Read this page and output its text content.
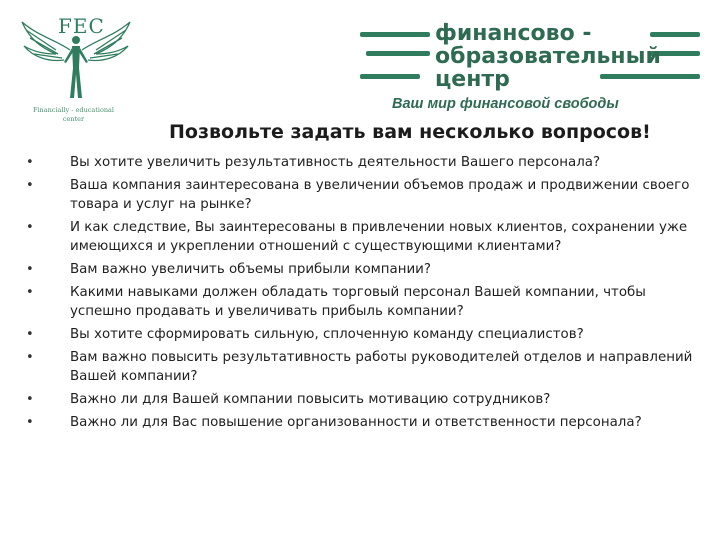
FEC
Financially - educational
center
финансово -
образовательный
центр
Ваш мир финансовой свободы
Позвольте задать вам несколько вопросов!
•	Вы хотите увеличить результативность деятельности Вашего персонала?
•	Ваша компания заинтересована в увеличении объемов продаж и продвижении своего товара и услуг на рынке?
•	И как следствие, Вы заинтересованы в привлечении новых клиентов, сохранении уже имеющихся и укреплении отношений с существующими клиентами?
•	Вам важно увеличить объемы прибыли компании?
•	Какими навыками должен обладать торговый персонал Вашей компании, чтобы успешно продавать и увеличивать прибыль компании?
•	Вы хотите сформировать сильную, сплоченную команду специалистов?
•	Вам важно повысить результативность работы руководителей отделов и направлений Вашей компании?
•	Важно ли для Вашей компании повысить мотивацию сотрудников?
•	Важно ли для Вас повышение организованности и ответственности персонала?
